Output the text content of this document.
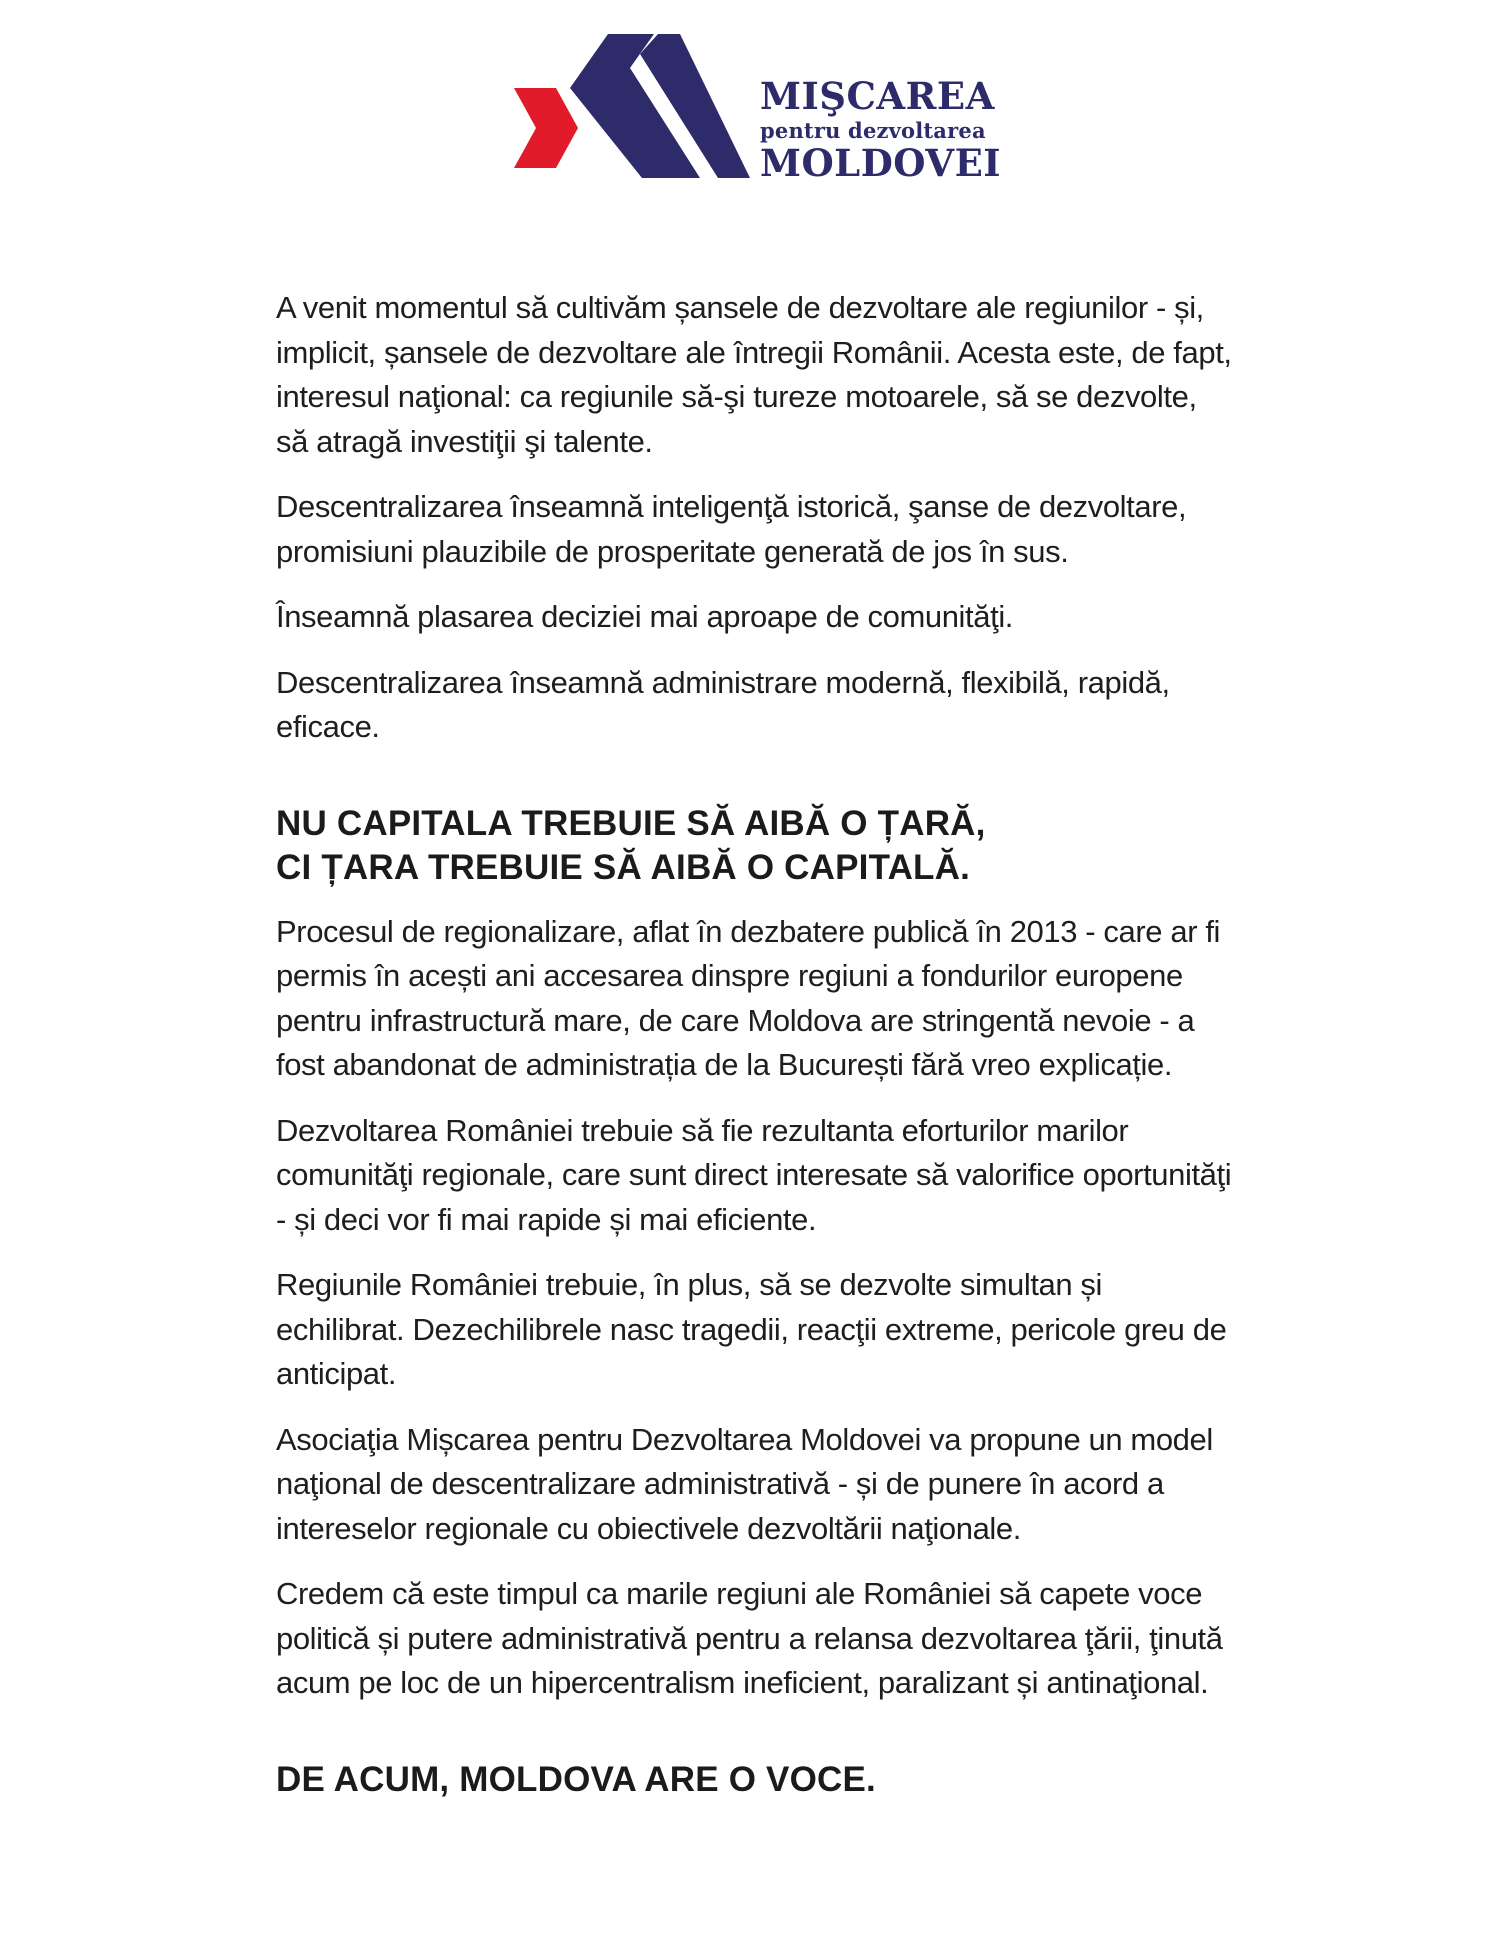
MIŞCAREA
pentru dezvoltarea
MOLDOVEI

A venit momentul să cultivăm șansele de dezvoltare ale regiunilor - și, implicit, șansele de dezvoltare ale întregii Românii. Acesta este, de fapt, interesul naţional: ca regiunile să-şi tureze motoarele, să se dezvolte, să atragă investiţii şi talente.

Descentralizarea înseamnă inteligenţă istorică, şanse de dezvoltare, promisiuni plauzibile de prosperitate generată de jos în sus.

Înseamnă plasarea deciziei mai aproape de comunităţi.

Descentralizarea înseamnă administrare modernă, flexibilă, rapidă, eficace.

NU CAPITALA TREBUIE SĂ AIBĂ O ȚARĂ,
CI ȚARA TREBUIE SĂ AIBĂ O CAPITALĂ.

Procesul de regionalizare, aflat în dezbatere publică în 2013 - care ar fi permis în acești ani accesarea dinspre regiuni a fondurilor europene pentru infrastructură mare, de care Moldova are stringentă nevoie - a fost abandonat de administrația de la București fără vreo explicație.

Dezvoltarea României trebuie să fie rezultanta eforturilor marilor comunităţi regionale, care sunt direct interesate să valorifice oportunităţi - și deci vor fi mai rapide și mai eficiente.

Regiunile României trebuie, în plus, să se dezvolte simultan și echilibrat. Dezechilibrele nasc tragedii, reacţii extreme, pericole greu de anticipat.

Asociaţia Mișcarea pentru Dezvoltarea Moldovei va propune un model naţional de descentralizare administrativă - și de punere în acord a intereselor regionale cu obiectivele dezvoltării naţionale.

Credem că este timpul ca marile regiuni ale României să capete voce politică și putere administrativă pentru a relansa dezvoltarea ţării, ţinută acum pe loc de un hipercentralism ineficient, paralizant și antinaţional.

DE ACUM, MOLDOVA ARE O VOCE.
